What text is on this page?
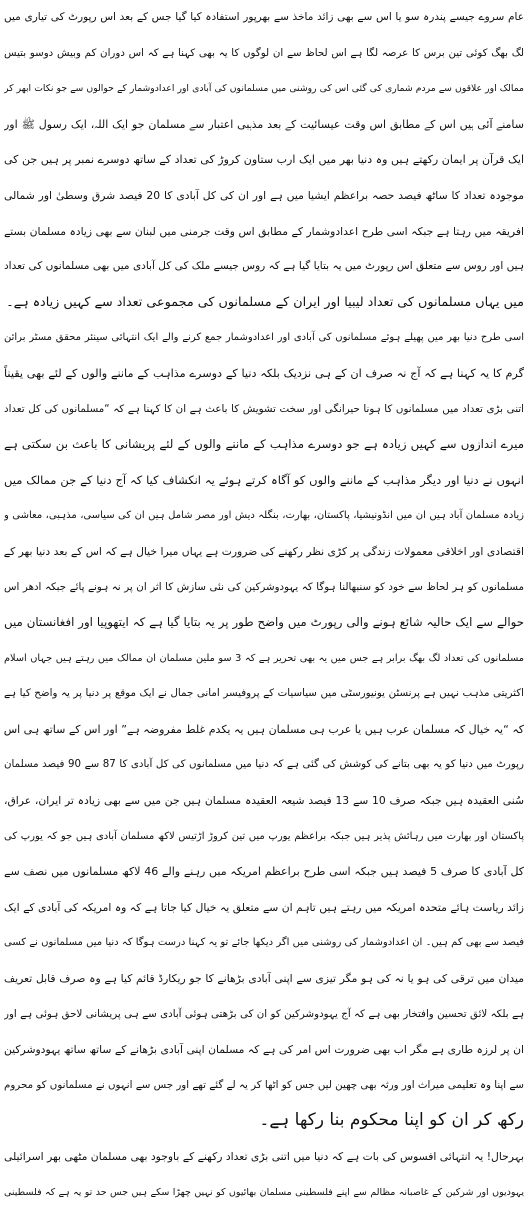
عام سروے جیسے پندرہ سو یا اس سے بھی زائد ماخذ سے بھرپور استفادہ کیا گیا جس کے بعد اس رپورٹ کی تیاری میں
لگ بھگ کوئی تین برس کا عرصہ لگا ہے اس لحاظ سے ان لوگوں کا یہ بھی کہنا ہے کہ اس دوران کم وبیش دوسو بتیس
ممالک اور علاقوں سے مردم شماری کی گئی اس کی روشنی میں مسلمانوں کی آبادی اور اعدادوشمار کے حوالوں سے جو نکات ابھر کر
سامنے آئی ہیں اس کے مطابق اس وقت عیسائیت کے بعد مذہبی اعتبار سے مسلمان جو ایک اللہ، ایک رسول ﷺ اور
ایک قرآن پر ایمان رکھتے ہیں وہ دنیا بھر میں ایک ارب ستاون کروڑ کی تعداد کے ساتھ دوسرے نمبر پر ہیں جن کی
موجودہ تعداد کا ساٹھ فیصد حصہ براعظم ایشیا میں ہے اور ان کی کل آبادی کا 20 فیصد شرق وسطیٰ اور شمالی
افریقہ میں رہتا ہے جبکہ اسی طرح اعدادوشمار کے مطابق اس وقت جرمنی میں لبنان سے بھی زیادہ مسلمان بستے
ہیں اور روس سے متعلق اس رپورٹ میں یہ بتایا گیا ہے کہ روس جیسے ملک کی کل آبادی میں بھی مسلمانوں کی تعداد
میں یہاں مسلمانوں کی تعداد لیبیا اور ایران کے مسلمانوں کی مجموعی تعداد سے کہیں زیادہ ہے۔
اسی طرح دنیا بھر میں پھیلے ہوئے مسلمانوں کی آبادی اور اعدادوشمار جمع کرنے والے ایک انتہائی سینئر محقق مسٹر برائن
گرم کا یہ کہنا ہے کہ آج نہ صرف ان کے ہی نزدیک بلکہ دنیا کے دوسرے مذاہب کے ماننے والوں کے لئے بھی یقیناً
اتنی بڑی تعداد میں مسلمانوں کا ہونا حیرانگی اور سخت تشویش کا باعث ہے ان کا کہنا ہے کہ “مسلمانوں کی کل تعداد
میرے اندازوں سے کہیں زیادہ ہے جو دوسرے مذاہب کے ماننے والوں کے لئے پریشانی کا باعث بن سکتی ہے
انہوں نے دنیا اور دیگر مذاہب کے ماننے والوں کو آگاہ کرتے ہوئے یہ انکشاف کیا کہ آج دنیا کے جن ممالک میں
زیادہ مسلمان آباد ہیں ان میں انڈونیشیا، پاکستان، بھارت، بنگلہ دیش اور مصر شامل ہیں ان کی سیاسی، مذہبی، معاشی و
اقتصادی اور اخلاقی معمولات زندگی پر کڑی نظر رکھنے کی ضرورت ہے یہاں میرا خیال ہے کہ اس کے بعد دنیا بھر کے
مسلمانوں کو ہر لحاظ سے خود کو سنبھالنا ہوگا کہ یہودوشرکین کی نئی سازش کا اثر ان پر نہ ہونے پائے جبکہ ادھر اس
حوالے سے ایک حالیہ شائع ہونے والی رپورٹ میں واضح طور پر یہ بتایا گیا ہے کہ ایتھوپیا اور افغانستان میں
مسلمانوں کی تعداد لگ بھگ برابر ہے جس میں یہ بھی تحریر ہے کہ 3 سو ملین مسلمان ان ممالک میں رہتے ہیں جہاں اسلام
اکثریتی مذہب نہیں ہے پرنسٹن یونیورسٹی میں سیاسیات کے پروفیسر امانی جمال نے ایک موقع پر دنیا پر یہ واضح کیا ہے
کہ “یہ خیال کہ مسلمان عرب ہیں یا عرب ہی مسلمان ہیں یہ یکدم غلط مفروضہ ہے” اور اس کے ساتھ ہی اس
رپورٹ میں دنیا کو یہ بھی بتانے کی کوشش کی گئی ہے کہ دنیا میں مسلمانوں کی کل آبادی کا 87 سے 90 فیصد مسلمان
سُنی العقیدہ ہیں جبکہ صرف 10 سے 13 فیصد شیعہ العقیدہ مسلمان ہیں جن میں سے بھی زیادہ تر ایران، عراق،
پاکستان اور بھارت میں رہائش پذیر ہیں جبکہ براعظم یورپ میں تین کروڑ اڑتیس لاکھ مسلمان آبادی ہیں جو کہ یورپ کی
کل آبادی کا صرف 5 فیصد ہیں جبکہ اسی طرح براعظم امریکہ میں رہنے والے 46 لاکھ مسلمانوں میں نصف سے
زائد ریاست ہائے متحدہ امریکہ میں رہتے ہیں تاہم ان سے متعلق یہ خیال کیا جاتا ہے کہ وہ امریکہ کی آبادی کے ایک
فیصد سے بھی کم ہیں۔ ان اعدادوشمار کی روشنی میں اگر دیکھا جائے تو یہ کہنا درست ہوگا کہ دنیا میں مسلمانوں نے کسی
میدان میں ترقی کی ہو یا نہ کی ہو مگر تیزی سے اپنی آبادی بڑھانے کا جو ریکارڈ قائم کیا ہے وہ صرف قابل تعریف
ہے بلکہ لائق تحسین وافتخار بھی ہے کہ آج یہودوشرکین کو ان کی بڑھتی ہوئی آبادی سے ہی پریشانی لاحق ہوئی ہے اور
ان پر لرزہ طاری ہے مگر اب بھی ضرورت اس امر کی ہے کہ مسلمان اپنی آبادی بڑھانے کے ساتھ ساتھ یہودوشرکین
سے اپنا وہ تعلیمی میراث اور ورثہ بھی چھین لیں جس کو اٹھا کر یہ لے گئے تھے اور جس سے انہوں نے مسلمانوں کو محروم
رکھ کر ان کو اپنا محکوم بنا رکھا ہے۔
بہرحال! یہ انتہائی افسوس کی بات ہے کہ دنیا میں اتنی بڑی تعداد رکھنے کے باوجود بھی مسلمان مٹھی بھر اسرائیلی
یہودیوں اور شرکین کے غاصبانہ مظالم سے اپنے فلسطینی مسلمان بھائیوں کو نہیں چھڑا سکے ہیں جس حد تو یہ ہے کہ فلسطینی
